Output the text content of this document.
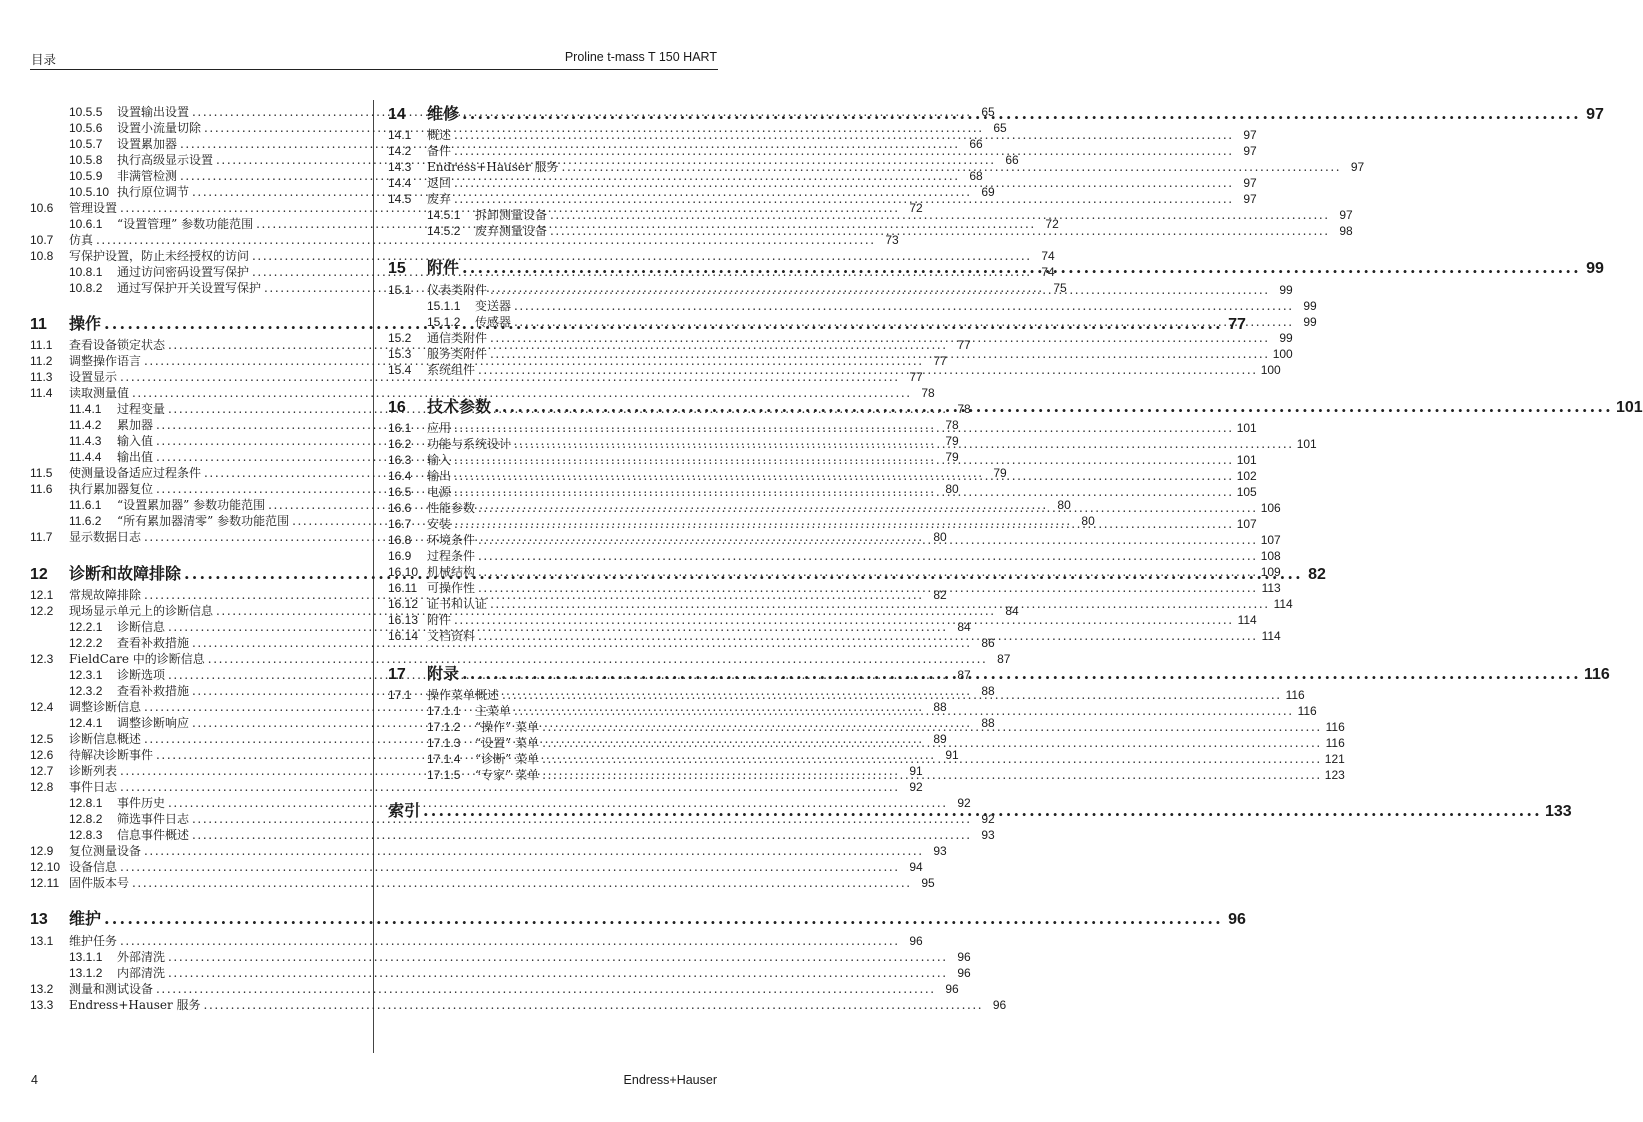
目录	Proline t-mass T 150 HART
10.5.5	设置输出设置 .....	65
10.5.6	设置小流量切除 .....	65
10.5.7	设置累加器 .....	66
10.5.8	执行高级显示设置 .....	66
10.5.9	非满管检测 .....	68
10.5.10 执行原位调节 .....	69
10.6	管理设置 .....	72
10.6.1	“设置管理” 参数功能范围 .....	72
10.7	仿真 .....	73
10.8	写保护设置，防止未经授权的访问 .....	74
10.8.1	通过访问密码设置写保护 .....	74
10.8.2	通过写保护开关设置写保护 .....	75
11	操作 .....	77
11.1	查看设备锁定状态 .....	77
11.2	调整操作语言 .....	77
11.3	设置显示 .....	77
11.4	读取测量值 .....	78
11.4.1	过程变量 .....	78
11.4.2	累加器 .....	78
11.4.3	输入值 .....	79
11.4.4	输出值 .....	79
11.5	使测量设备适应过程条件 .....	79
11.6	执行累加器复位 .....	80
11.6.1	“设置累加器” 参数功能范围 .....	80
11.6.2	“所有累加器清零” 参数功能范围 .....	80
11.7	显示数据日志 .....	80
12	诊断和故障排除 .....	82
12.1	常规故障排除 .....	82
12.2	现场显示单元上的诊断信息 .....	84
12.2.1	诊断信息 .....	84
12.2.2	查看补救措施 .....	86
12.3	FieldCare 中的诊断信息 .....	87
12.3.1	诊断选项 .....	87
12.3.2	查看补救措施 .....	88
12.4	调整诊断信息 .....	88
12.4.1	调整诊断响应 .....	88
12.5	诊断信息概述 .....	89
12.6	待解决诊断事件 .....	91
12.7	诊断列表 .....	91
12.8	事件日志 .....	92
12.8.1	事件历史 .....	92
12.8.2	筛选事件日志 .....	92
12.8.3	信息事件概述 .....	93
12.9	复位测量设备 .....	93
12.10 设备信息 .....	94
12.11 固件版本号 .....	95
13	维护 .....	96
13.1	维护任务 .....	96
13.1.1	外部清洗 .....	96
13.1.2	内部清洗 .....	96
13.2	测量和测试设备 .....	96
13.3	Endress+Hauser 服务 .....	96
14	维修 .....	97
14.1	概述 .....	97
14.2	备件 .....	97
14.3	Endress+Hauser 服务 .....	97
14.4	返回 .....	97
14.5	废弃 .....	97
14.5.1	拆卸测量设备 .....	97
14.5.2	废弃测量设备 .....	98
15	附件 .....	99
15.1	仪表类附件 .....	99
15.1.1	变送器 .....	99
15.1.2	传感器 .....	99
15.2	通信类附件 .....	99
15.3	服务类附件 .....	100
15.4	系统组件 .....	100
16	技术参数 .....	101
16.1	应用 .....	101
16.2	功能与系统设计 .....	101
16.3	输入 .....	101
16.4	输出 .....	102
16.5	电源 .....	105
16.6	性能参数 .....	106
16.7	安装 .....	107
16.8	环境条件 .....	107
16.9	过程条件 .....	108
16.10 机械结构 .....	109
16.11 可操作性 .....	113
16.12 证书和认证 .....	114
16.13 附件 .....	114
16.14 文档资料 .....	114
17	附录 .....	116
17.1	操作菜单概述 .....	116
17.1.1	主菜单 .....	116
17.1.2	“操作” 菜单 .....	116
17.1.3	“设置” 菜单 .....	116
17.1.4	“诊断” 菜单 .....	121
17.1.5	“专家” 菜单 .....	123
索引 .....	133
4	Endress+Hauser
